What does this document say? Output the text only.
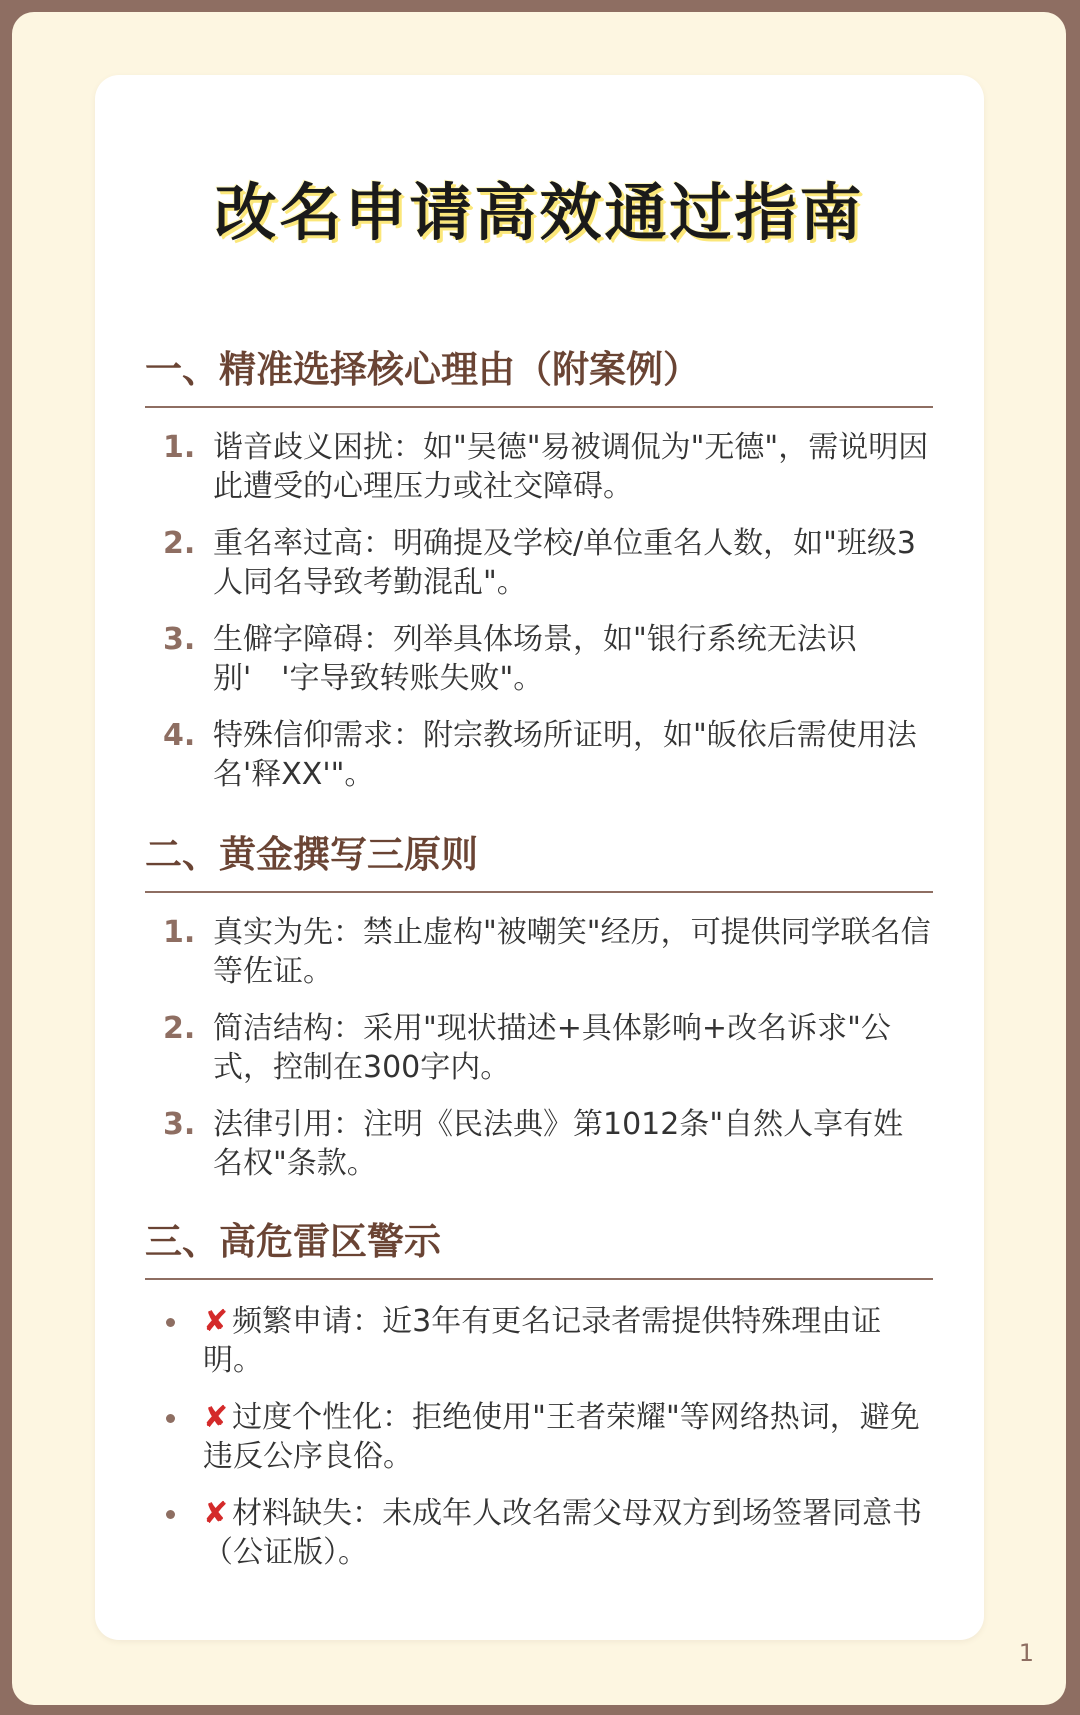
改名申请高效通过指南
一、精准选择核心理由（附案例）
1. 谐音歧义困扰：如"吴德"易被调侃为"无德"，需说明因此遭受的心理压力或社交障碍。
2. 重名率过高：明确提及学校/单位重名人数，如"班级3人同名导致考勤混乱"。
3. 生僻字障碍：列举具体场景，如"银行系统无法识别'　'字导致转账失败"。
4. 特殊信仰需求：附宗教场所证明，如"皈依后需使用法名'释XX'"。
二、黄金撰写三原则
1. 真实为先：禁止虚构"被嘲笑"经历，可提供同学联名信等佐证。
2. 简洁结构：采用"现状描述+具体影响+改名诉求"公式，控制在300字内。
3. 法律引用：注明《民法典》第1012条"自然人享有姓名权"条款。
三、高危雷区警示
✘ 频繁申请：近3年有更名记录者需提供特殊理由证明。
✘ 过度个性化：拒绝使用"王者荣耀"等网络热词，避免违反公序良俗。
✘ 材料缺失：未成年人改名需父母双方到场签署同意书（公证版）。
1
